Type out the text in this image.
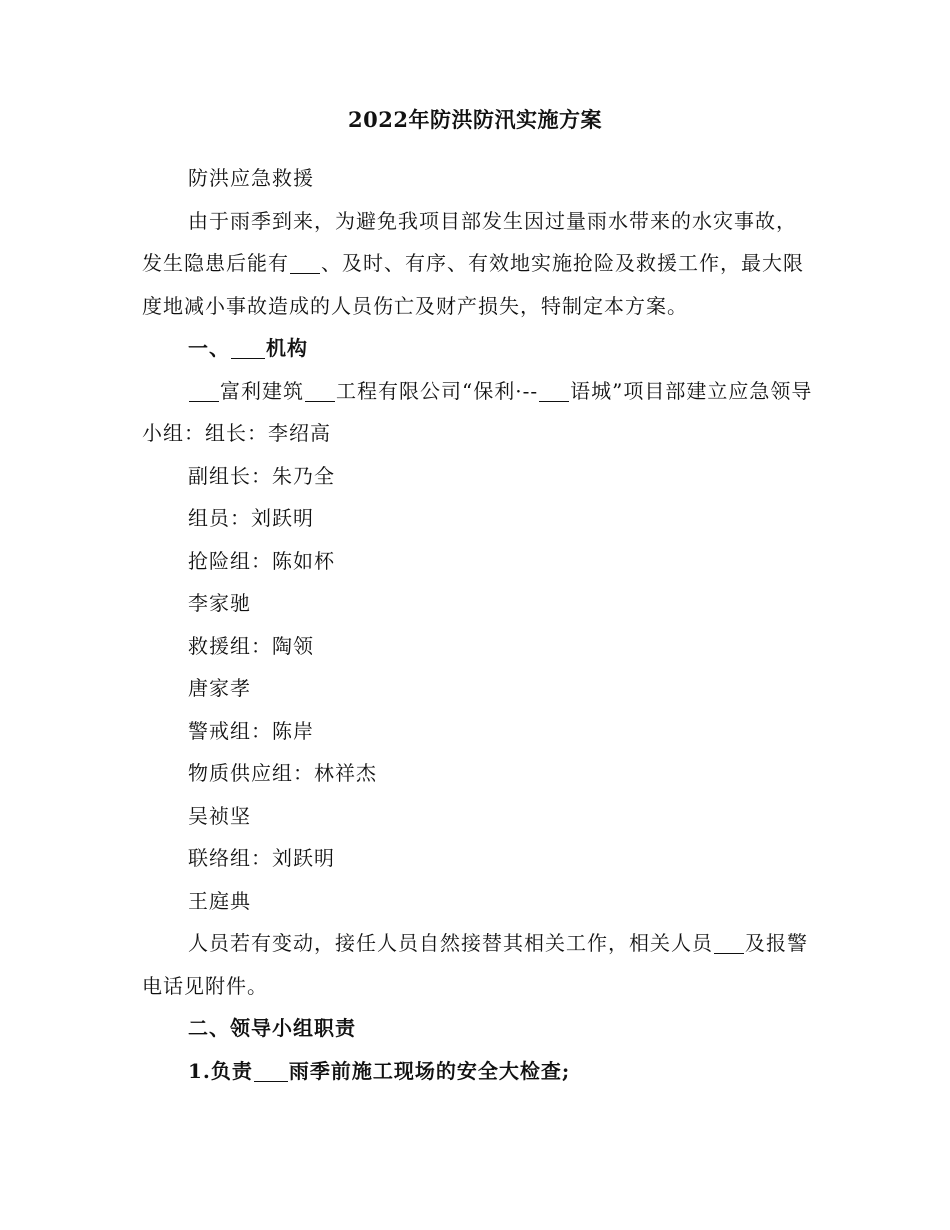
2022年防洪防汛实施方案

防洪应急救援

由于雨季到来，为避免我项目部发生因过量雨水带来的水灾事故，发生隐患后能有 、及时、有序、有效地实施抢险及救援工作，最大限度地减小事故造成的人员伤亡及财产损失，特制定本方案。

一、 机构

富利建筑 工程有限公司“保利·-- 语城”项目部建立应急领导小组：组长：李绍高

副组长：朱乃全

组员：刘跃明

抢险组：陈如杯

李家驰

救援组：陶领

唐家孝

警戒组：陈岸

物质供应组：林祥杰

吴祯坚

联络组：刘跃明

王庭典

人员若有变动，接任人员自然接替其相关工作，相关人员 及报警电话见附件。

二、领导小组职责

1.负责 雨季前施工现场的安全大检查;
